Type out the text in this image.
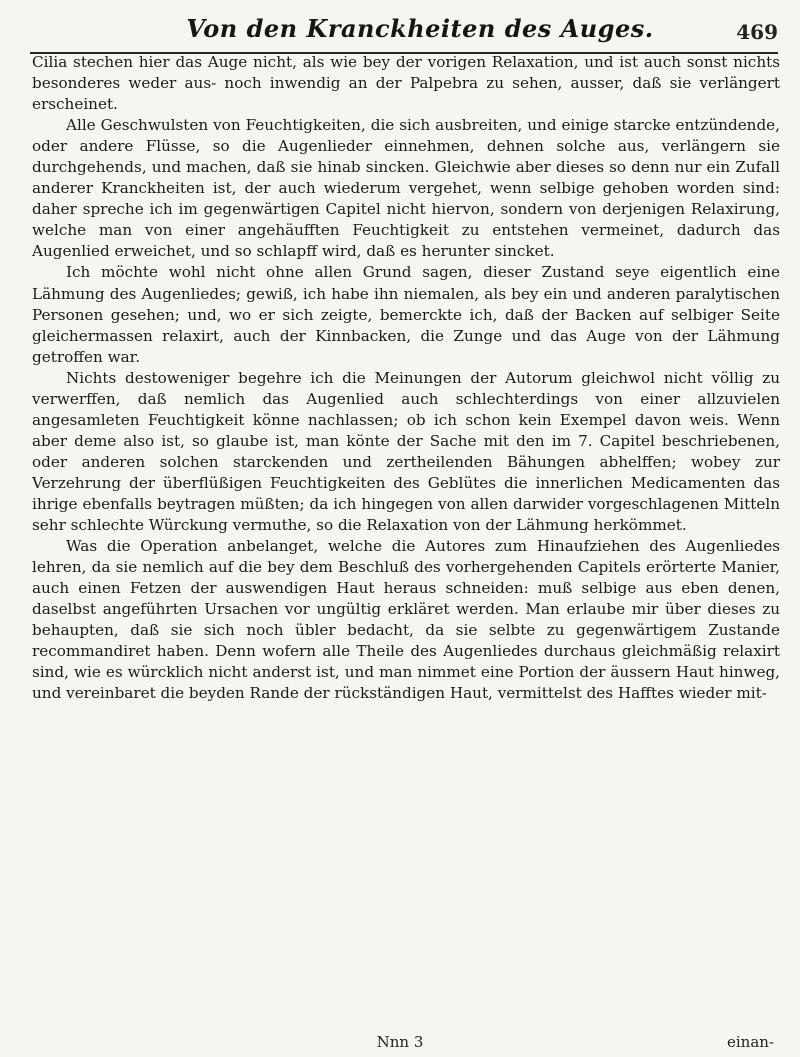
Von den Kranckheiten des Auges.	469

Cilia stechen hier das Auge nicht, als wie bey der vorigen Relaxation, und ist auch sonst nichts besonderes weder aus- noch inwendig an der Palpebra zu sehen, ausser, daß sie verlängert erscheinet.

Alle Geschwulsten von Feuchtigkeiten, die sich ausbreiten, und einige starcke entzündende, oder andere Flüsse, so die Augenlieder einnehmen, dehnen solche aus, verlängern sie durchgehends, und machen, daß sie hinab sincken. Gleichwie aber dieses so denn nur ein Zufall anderer Kranckheiten ist, der auch wiederum vergehet, wenn selbige gehoben worden sind: daher spreche ich im gegenwärtigen Capitel nicht hiervon, sondern von derjenigen Relaxirung, welche man von einer angehäufften Feuchtigkeit zu entstehen vermeinet, dadurch das Augenlied erweichet, und so schlapff wird, daß es herunter sincket.

Ich möchte wohl nicht ohne allen Grund sagen, dieser Zustand seye eigentlich eine Lähmung des Augenliedes; gewiß, ich habe ihn niemalen, als bey ein und anderen paralytischen Personen gesehen; und, wo er sich zeigte, bemerckte ich, daß der Backen auf selbiger Seite gleichermassen relaxirt, auch der Kinnbacken, die Zunge und das Auge von der Lähmung getroffen war.

Nichts destoweniger begehre ich die Meinungen der Autorum gleichwol nicht völlig zu verwerffen, daß nemlich das Augenlied auch schlechterdings von einer allzuvielen angesamleten Feuchtigkeit könne nachlassen; ob ich schon kein Exempel davon weis. Wenn aber deme also ist, so glaube ist, man könte der Sache mit den im 7. Capitel beschriebenen, oder anderen solchen starckenden und zertheilenden Bähungen abhelffen; wobey zur Verzehrung der überflüßigen Feuchtigkeiten des Geblütes die innerlichen Medicamenten das ihrige ebenfalls beytragen müßten; da ich hingegen von allen darwider vorgeschlagenen Mitteln sehr schlechte Würckung vermuthe, so die Relaxation von der Lähmung herkömmet.

Was die Operation anbelanget, welche die Autores zum Hinaufziehen des Augenliedes lehren, da sie nemlich auf die bey dem Beschluß des vorhergehenden Capitels erörterte Manier, auch einen Fetzen der auswendigen Haut heraus schneiden: muß selbige aus eben denen, daselbst angeführten Ursachen vor ungültig erkläret werden. Man erlaube mir über dieses zu behaupten, daß sie sich noch übler bedacht, da sie selbte zu gegenwärtigem Zustande recommandiret haben. Denn wofern alle Theile des Augenliedes durchaus gleichmäßig relaxirt sind, wie es würcklich nicht anderst ist, und man nimmet eine Portion der äussern Haut hinweg, und vereinbaret die beyden Rande der rückständigen Haut, vermittelst des Hafftes wieder mit-

Nnn 3	einan-
